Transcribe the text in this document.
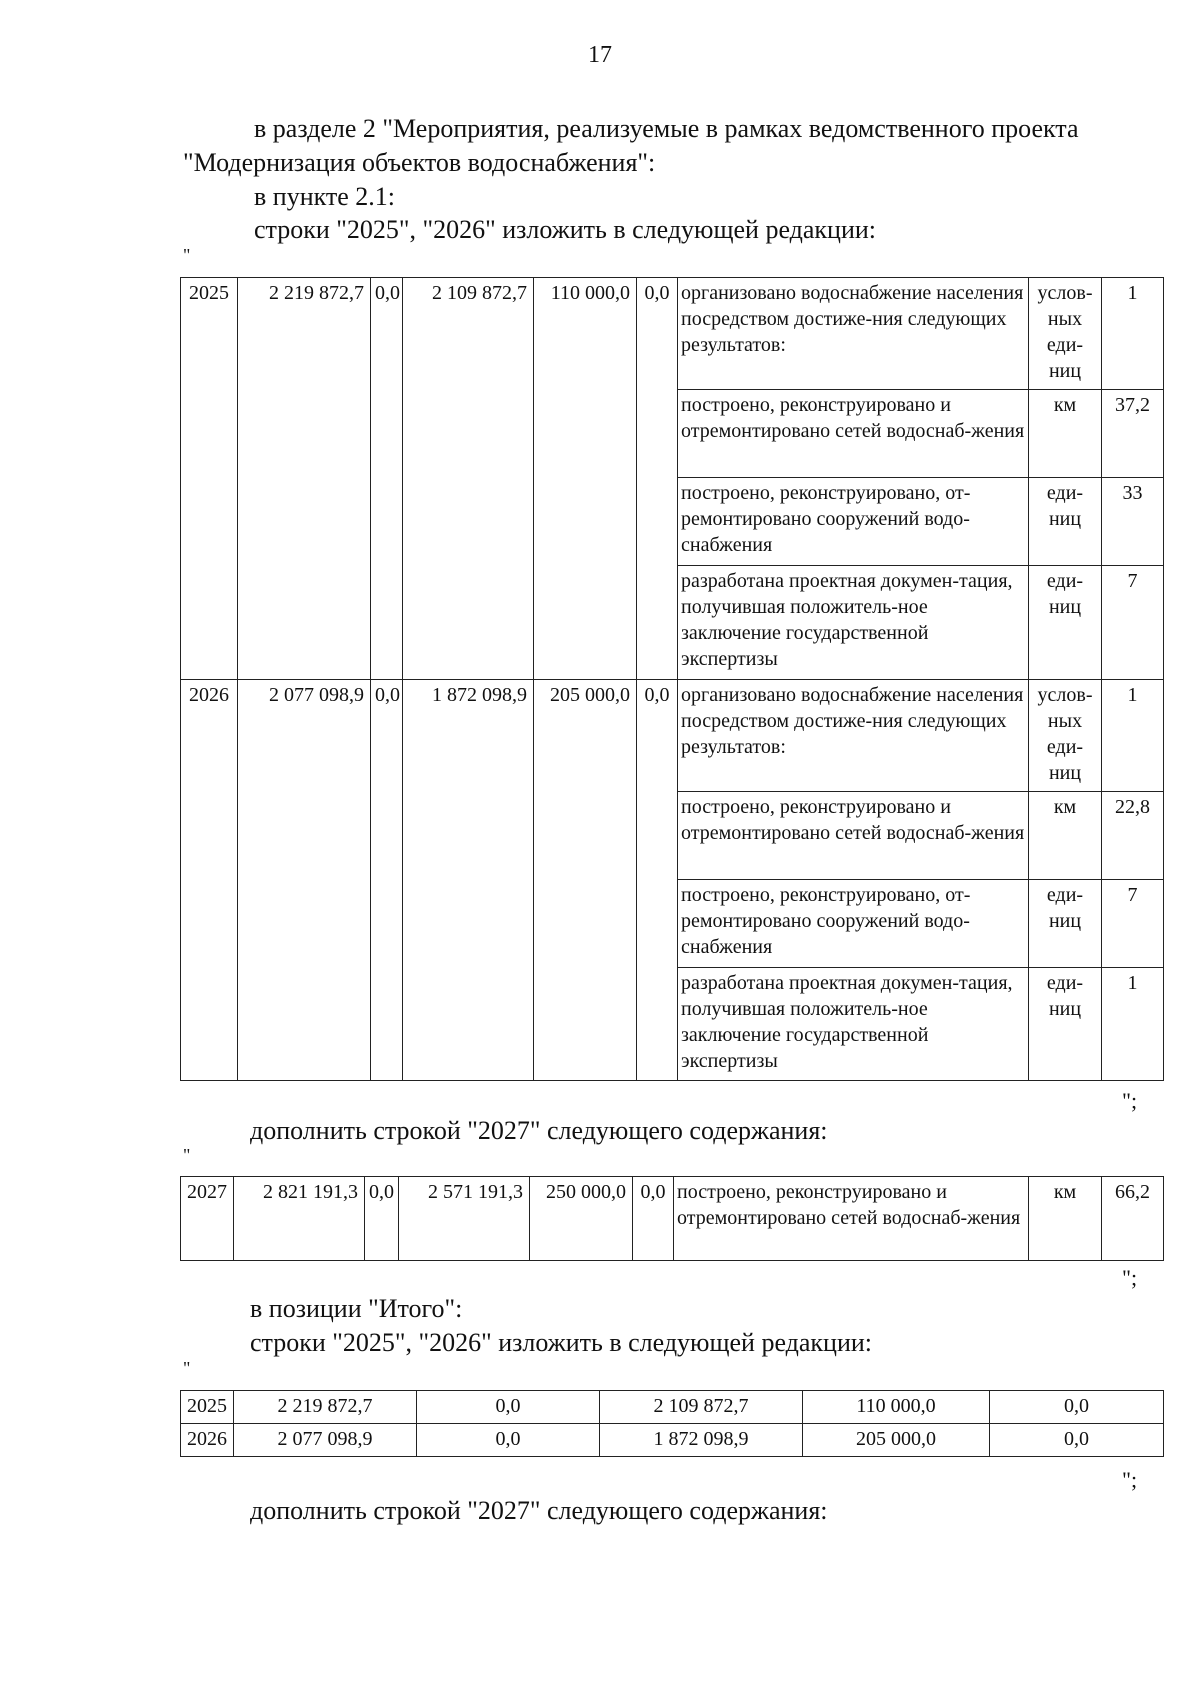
17
в разделе 2 "Мероприятия, реализуемые в рамках ведомственного проекта
"Модернизация объектов водоснабжения":
в пункте 2.1:
строки "2025", "2026" изложить в следующей редакции:
"
2025	2 219 872,7	0,0	2 109 872,7	110 000,0	0,0	организовано водоснабжение населения посредством достиже-ния следующих результатов:	услов-ных еди-ниц	1
						построено, реконструировано и отремонтировано сетей водоснаб-жения	км	37,2
						построено, реконструировано, от-ремонтировано сооружений водо-снабжения	еди-ниц	33
						разработана проектная докумен-тация, получившая положитель-ное заключение государственной экспертизы	еди-ниц	7
2026	2 077 098,9	0,0	1 872 098,9	205 000,0	0,0	организовано водоснабжение населения посредством достиже-ния следующих результатов:	услов-ных еди-ниц	1
						построено, реконструировано и отремонтировано сетей водоснаб-жения	км	22,8
						построено, реконструировано, от-ремонтировано сооружений водо-снабжения	еди-ниц	7
						разработана проектная докумен-тация, получившая положитель-ное заключение государственной экспертизы	еди-ниц	1
";
дополнить строкой "2027" следующего содержания:
"
2027	2 821 191,3	0,0	2 571 191,3	250 000,0	0,0	построено, реконструировано и отремонтировано сетей водоснаб-жения	км	66,2
";
в позиции "Итого":
строки "2025", "2026" изложить в следующей редакции:
"
2025	2 219 872,7	0,0	2 109 872,7	110 000,0	0,0
2026	2 077 098,9	0,0	1 872 098,9	205 000,0	0,0
";
дополнить строкой "2027" следующего содержания:
